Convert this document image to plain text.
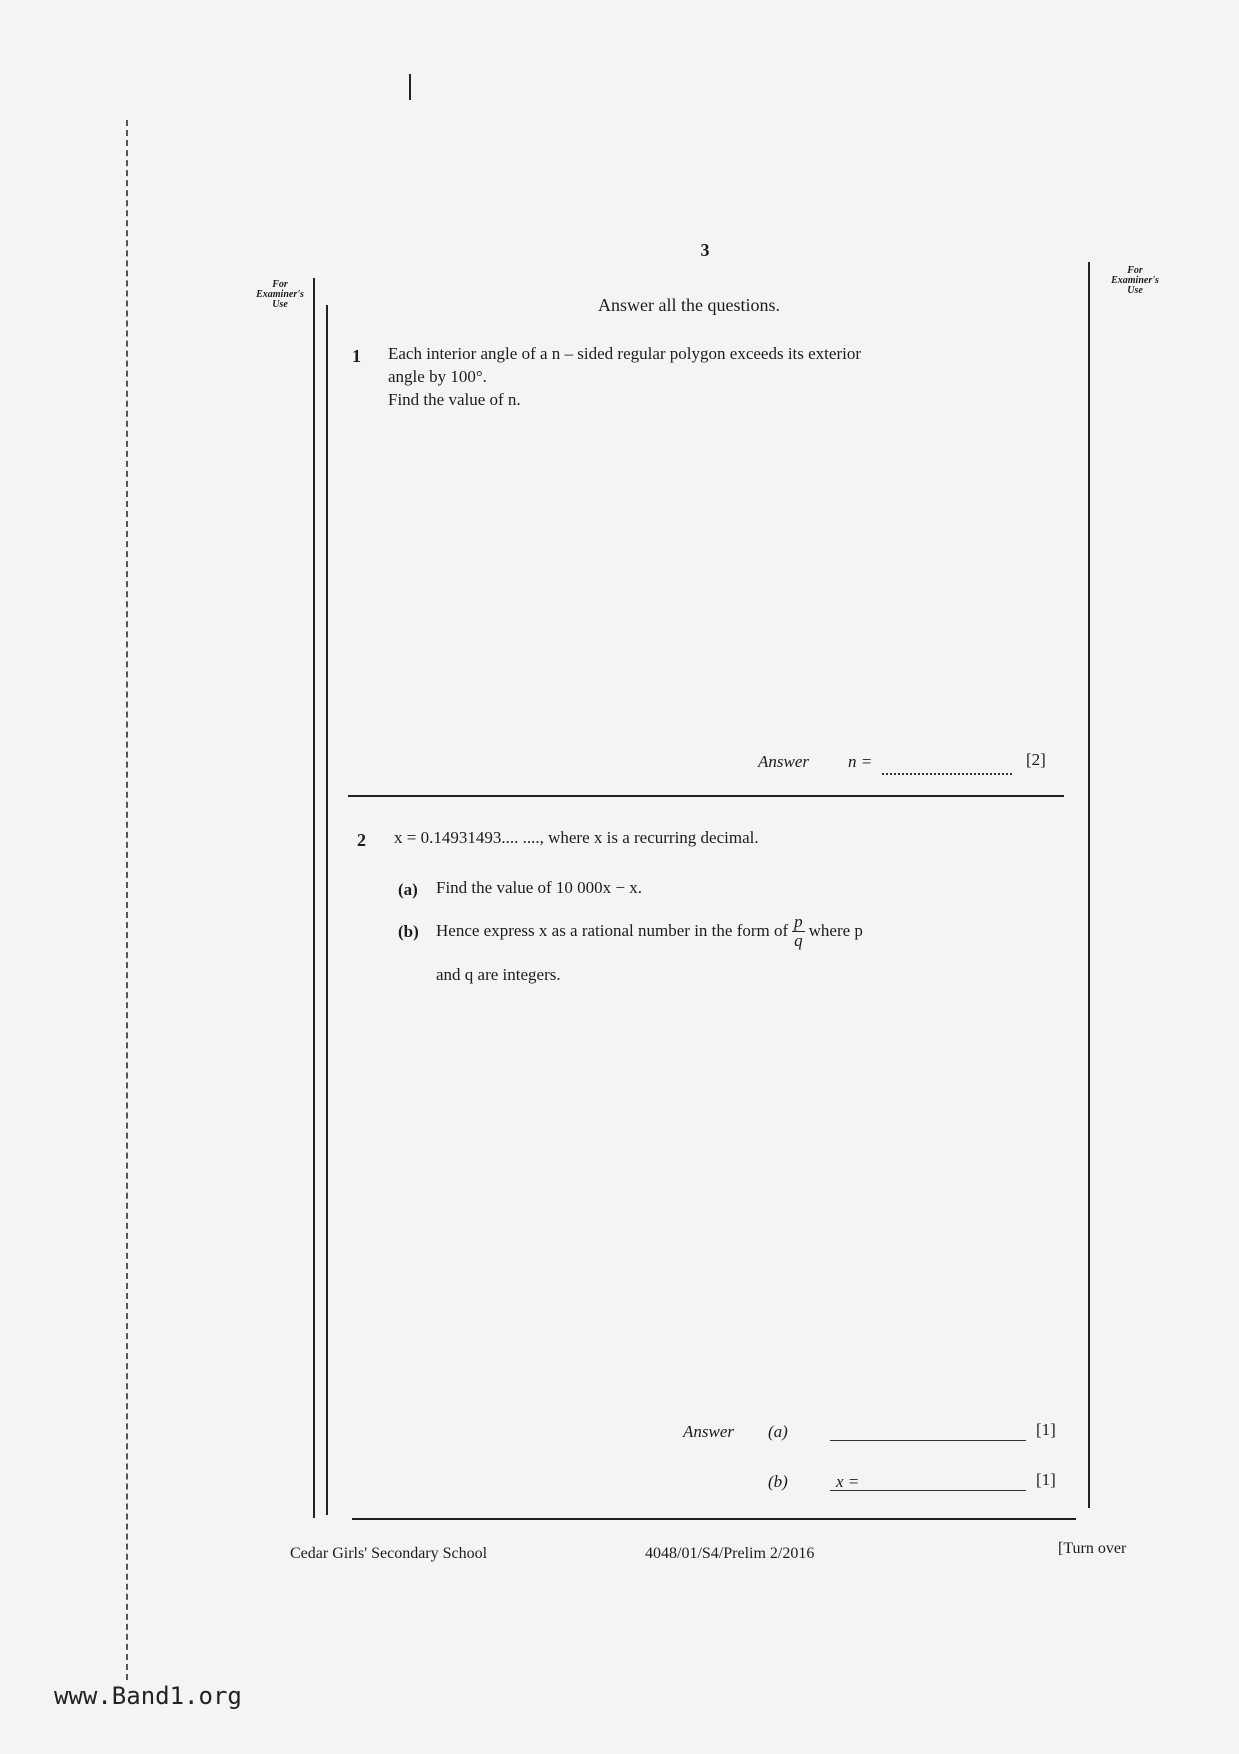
3
For
Examiner's
Use
For
Examiner's
Use
Answer all the questions.
1 Each interior angle of a n – sided regular polygon exceeds its exterior
angle by 100°.
Find the value of n.
Answer n =	[2]
2 x = 0.14931493.... ...., where x is a recurring decimal.
(a) Find the value of 10 000x − x.
(b) Hence express x as a rational number in the form of $\frac{p}{q}$ where p
and q are integers.
Answer (a)	[1]
(b)	x =	[1]
Cedar Girls' Secondary School	4048/01/S4/Prelim 2/2016	[Turn over
www.Band1.org
